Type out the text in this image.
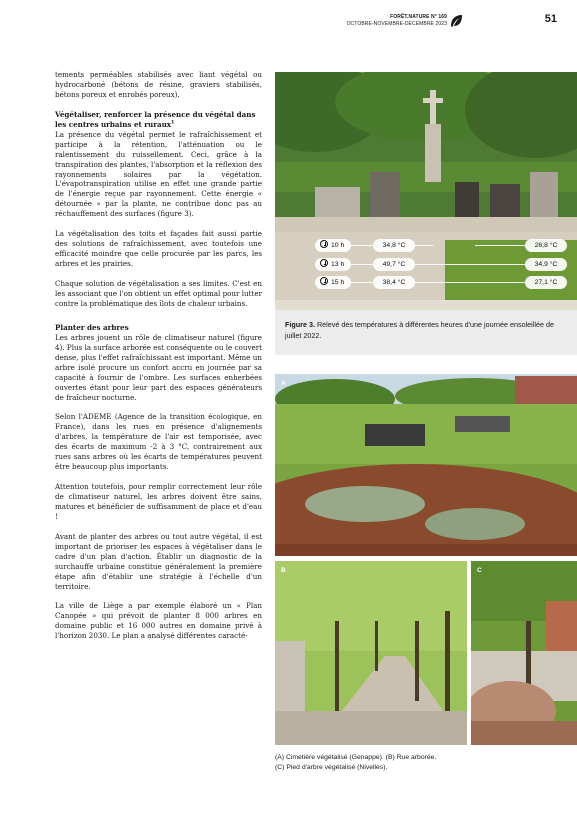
FORÊT.NATURE N° 169
OCTOBRE-NOVEMBRE-DÉCEMBRE 2023	51

tements perméables stabilisés avec liant végétal ou hydrocarboné (bétons de résine, graviers stabilisés, bétons poreux et enrobés poreux).

Végétaliser, renforcer la présence du végétal dans les centres urbains et ruraux$^1$

La présence du végétal permet le rafraîchissement et participe à la rétention, l'atténuation ou le ralentissement du ruissellement. Ceci, grâce à la transpiration des plantes, l'absorption et la réflexion des rayonnements solaires par la végétation. L'évapotranspiration utilise en effet une grande partie de l'énergie reçue par rayonnement. Cette énergie « détournée » par la plante, ne contribue donc pas au réchauffement des surfaces (figure 3).

La végétalisation des toits et façades fait aussi partie des solutions de rafraîchissement, avec toutefois une efficacité moindre que celle procurée par les parcs, les arbres et les prairies.

Chaque solution de végétalisation a ses limites. C'est en les associant que l'on obtient un effet optimal pour lutter contre la problématique des îlots de chaleur urbains.

Planter des arbres

Les arbres jouent un rôle de climatiseur naturel (figure 4). Plus la surface arborée est conséquente ou le couvert dense, plus l'effet rafraîchissant est important. Même un arbre isolé procure un confort accru en journée par sa capacité à fournir de l'ombre. Les surfaces enherbées ouvertes étant pour leur part des espaces générateurs de fraîcheur nocturne.

Selon l'ADEME (Agence de la transition écologique, en France), dans les rues en présence d'alignements d'arbres, la température de l'air est temporisée, avec des écarts de maximum -2 à 3 °C, contrairement aux rues sans arbres où les écarts de températures peuvent être beaucoup plus importants.

Attention toutefois, pour remplir correctement leur rôle de climatiseur naturel, les arbres doivent être sains, matures et bénéficier de suffisamment de place et d'eau !

Avant de planter des arbres ou tout autre végétal, il est important de prioriser les espaces à végétaliser dans le cadre d'un plan d'action. Établir un diagnostic de la surchauffe urbaine constitue généralement la première étape afin d'établir une stratégie à l'échelle d'un territoire.

La ville de Liège a par exemple élaboré un « Plan Canopée » qui prévoit de planter 8 000 arbres en domaine public et 16 000 autres en domaine privé à l'horizon 2030. Le plan a analysé différentes caracté-

10 h	34,8 °C	26,8 °C
13 h	49,7 °C	34,9 °C
15 h	38,4 °C	27,1 °C
Figure 3. Relevé des températures à différentes heures d'une journée ensoleillée de juillet 2022.
A
B	C
(A) Cimetière végétalisé (Genappe). (B) Rue arborée.
(C) Pied d'arbre végétalisé (Nivelles).
